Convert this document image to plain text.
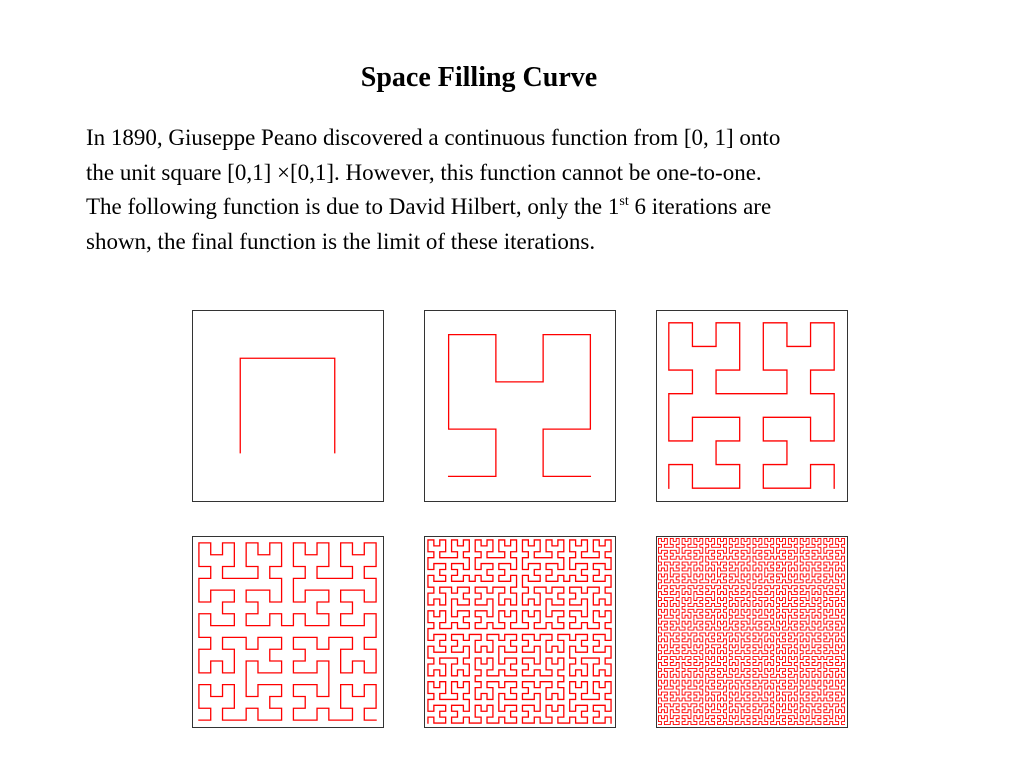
Space Filling Curve

In 1890, Giuseppe Peano discovered a continuous function from [0, 1] onto

the unit square [0,1] ×[0,1]. However, this function cannot be one-to-one.

The following function is due to David Hilbert, only the 1st 6 iterations are

shown, the final function is the limit of these iterations.
